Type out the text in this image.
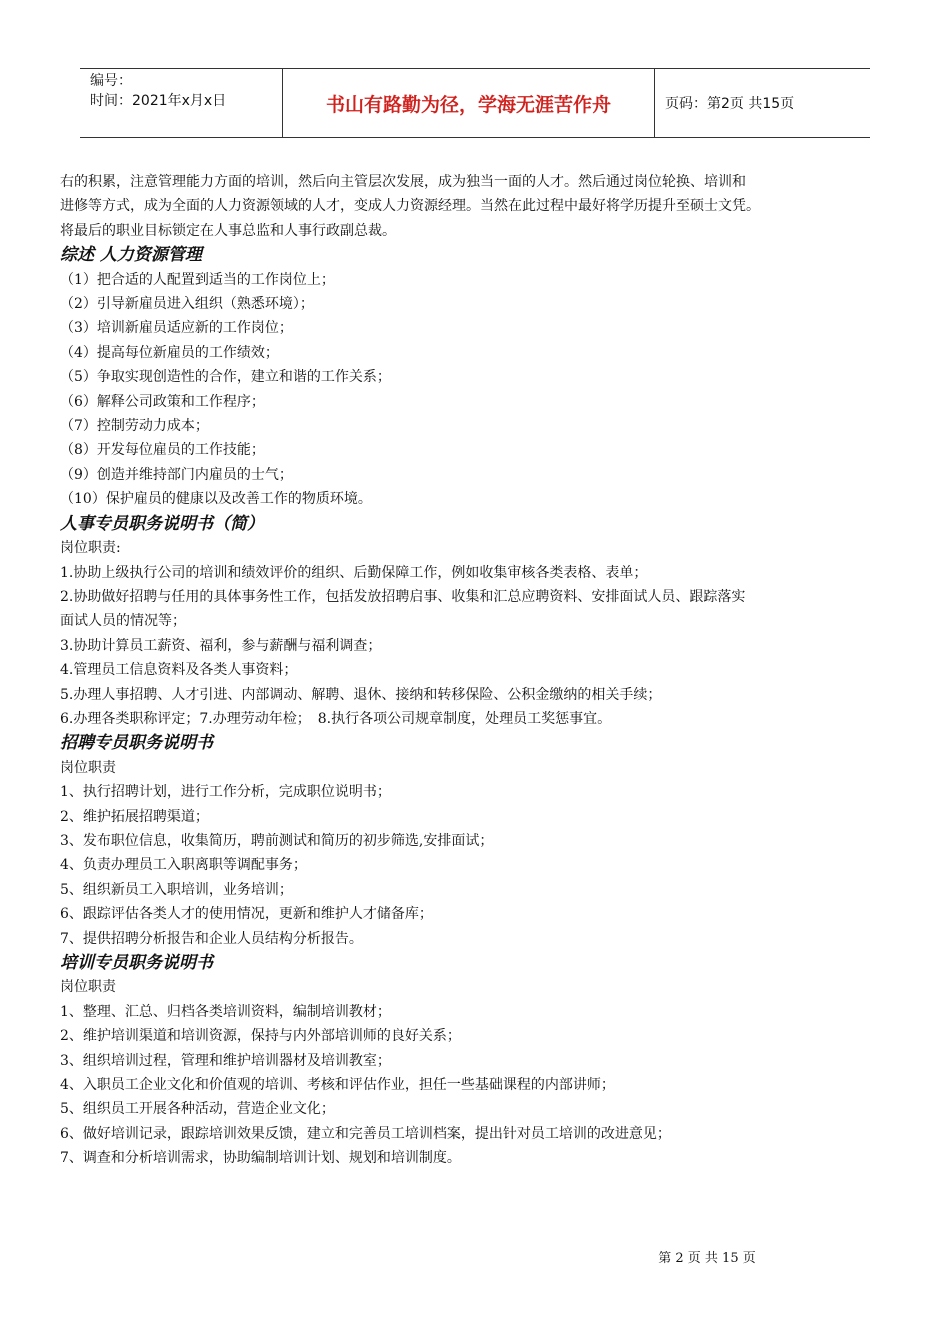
编号：
时间：2021年x月x日	书山有路勤为径，学海无涯苦作舟	页码：第2页 共15页
右的积累，注意管理能力方面的培训，然后向主管层次发展，成为独当一面的人才。然后通过岗位轮换、培训和
进修等方式，成为全面的人力资源领域的人才，变成人力资源经理。当然在此过程中最好将学历提升至硕士文凭。
将最后的职业目标锁定在人事总监和人事行政副总裁。
综述 人力资源管理
（1）把合适的人配置到适当的工作岗位上；
（2）引导新雇员进入组织（熟悉环境）；
（3）培训新雇员适应新的工作岗位；
（4）提高每位新雇员的工作绩效；
（5）争取实现创造性的合作，建立和谐的工作关系；
（6）解释公司政策和工作程序；
（7）控制劳动力成本；
（8）开发每位雇员的工作技能；
（9）创造并维持部门内雇员的士气；
（10）保护雇员的健康以及改善工作的物质环境。
人事专员职务说明书（简）
岗位职责:
1.协助上级执行公司的培训和绩效评价的组织、后勤保障工作，例如收集审核各类表格、表单；
2.协助做好招聘与任用的具体事务性工作，包括发放招聘启事、收集和汇总应聘资料、安排面试人员、跟踪落实
面试人员的情况等；
3.协助计算员工薪资、福利，参与薪酬与福利调查；
4.管理员工信息资料及各类人事资料；
5.办理人事招聘、人才引进、内部调动、解聘、退休、接纳和转移保险、公积金缴纳的相关手续；
6.办理各类职称评定；7.办理劳动年检；　8.执行各项公司规章制度，处理员工奖惩事宜。
招聘专员职务说明书
岗位职责
1、执行招聘计划，进行工作分析，完成职位说明书；
2、维护拓展招聘渠道；
3、发布职位信息，收集简历，聘前测试和简历的初步筛选,安排面试；
4、负责办理员工入职离职等调配事务；
5、组织新员工入职培训，业务培训；
6、跟踪评估各类人才的使用情况，更新和维护人才储备库；
7、提供招聘分析报告和企业人员结构分析报告。
培训专员职务说明书
岗位职责
1、整理、汇总、归档各类培训资料，编制培训教材；
2、维护培训渠道和培训资源，保持与内外部培训师的良好关系；
3、组织培训过程，管理和维护培训器材及培训教室；
4、入职员工企业文化和价值观的培训、考核和评估作业，担任一些基础课程的内部讲师；
5、组织员工开展各种活动，营造企业文化；
6、做好培训记录，跟踪培训效果反馈，建立和完善员工培训档案，提出针对员工培训的改进意见；
7、调查和分析培训需求，协助编制培训计划、规划和培训制度。
第 2 页 共 15 页
